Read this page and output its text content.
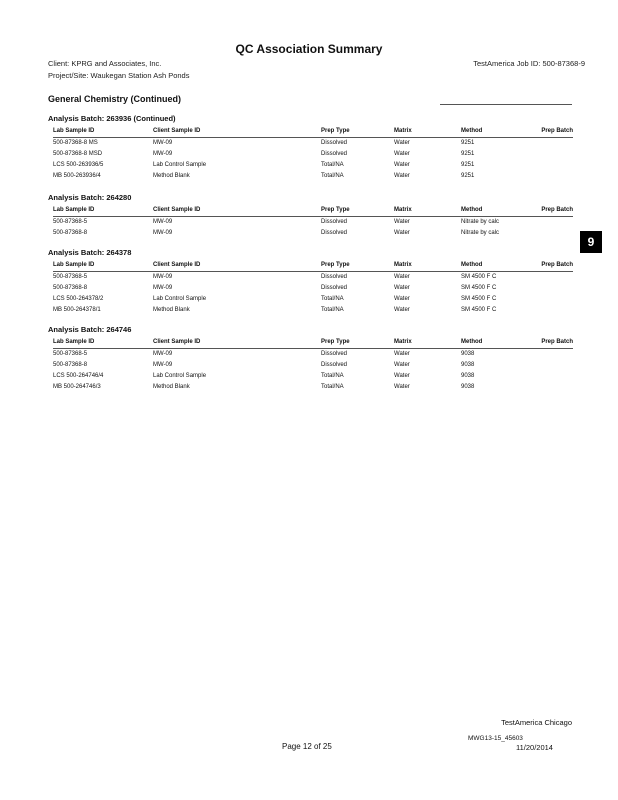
QC Association Summary
Client: KPRG and Associates, Inc.
Project/Site: Waukegan Station Ash Ponds
TestAmerica Job ID: 500-87368-9
General Chemistry (Continued)
Analysis Batch: 263936 (Continued)
Lab Sample ID	Client Sample ID	Prep Type	Matrix	Method	Prep Batch
500-87368-8 MS	MW-09	Dissolved	Water	9251
500-87368-8 MSD	MW-09	Dissolved	Water	9251
LCS 500-263936/5	Lab Control Sample	Total/NA	Water	9251
MB 500-263936/4	Method Blank	Total/NA	Water	9251
Analysis Batch: 264280
Lab Sample ID	Client Sample ID	Prep Type	Matrix	Method	Prep Batch
500-87368-5	MW-09	Dissolved	Water	Nitrate by calc
500-87368-8	MW-09	Dissolved	Water	Nitrate by calc
Analysis Batch: 264378
Lab Sample ID	Client Sample ID	Prep Type	Matrix	Method	Prep Batch
500-87368-5	MW-09	Dissolved	Water	SM 4500 F C
500-87368-8	MW-09	Dissolved	Water	SM 4500 F C
LCS 500-264378/2	Lab Control Sample	Total/NA	Water	SM 4500 F C
MB 500-264378/1	Method Blank	Total/NA	Water	SM 4500 F C
Analysis Batch: 264746
Lab Sample ID	Client Sample ID	Prep Type	Matrix	Method	Prep Batch
500-87368-5	MW-09	Dissolved	Water	9038
500-87368-8	MW-09	Dissolved	Water	9038
LCS 500-264746/4	Lab Control Sample	Total/NA	Water	9038
MB 500-264746/3	Method Blank	Total/NA	Water	9038
9
TestAmerica Chicago
Page 12 of 25
MWG13-15_45603
11/20/2014
